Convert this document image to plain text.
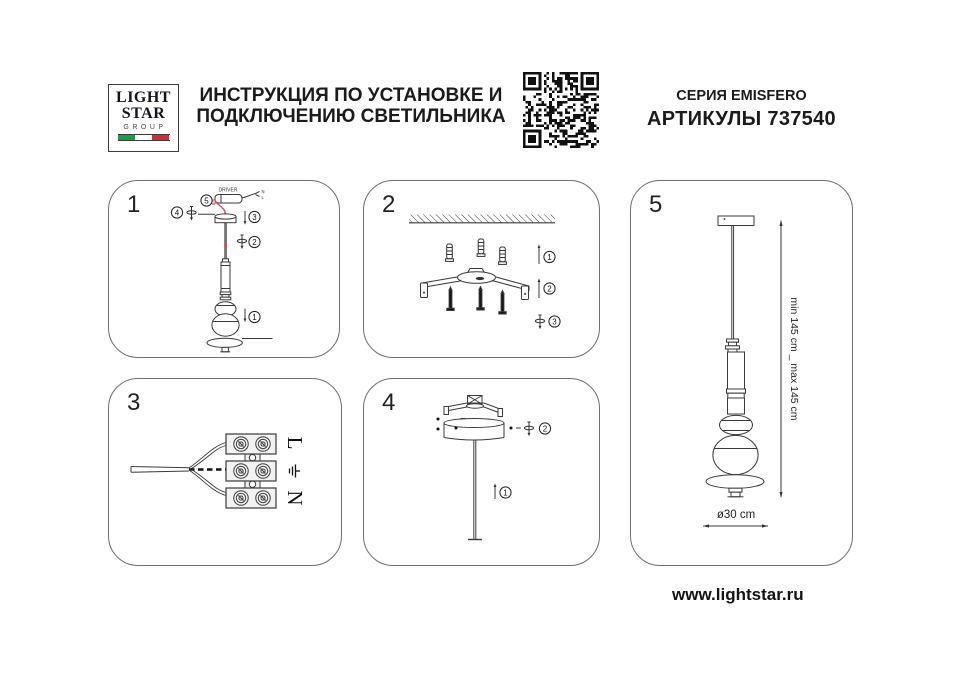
LIGHT
STAR
GROUP
ИНСТРУКЦИЯ ПО УСТАНОВКЕ И
ПОДКЛЮЧЕНИЮ СВЕТИЛЬНИКА
СЕРИЯ EMISFERO
АРТИКУЛЫ 737540
1
DRIVER	N
L
5
4	3
2
1
2
1
2
3
3
L
N
4
2
1
5
min 145 cm _ max 145 cm
ø30 cm
www.lightstar.ru
